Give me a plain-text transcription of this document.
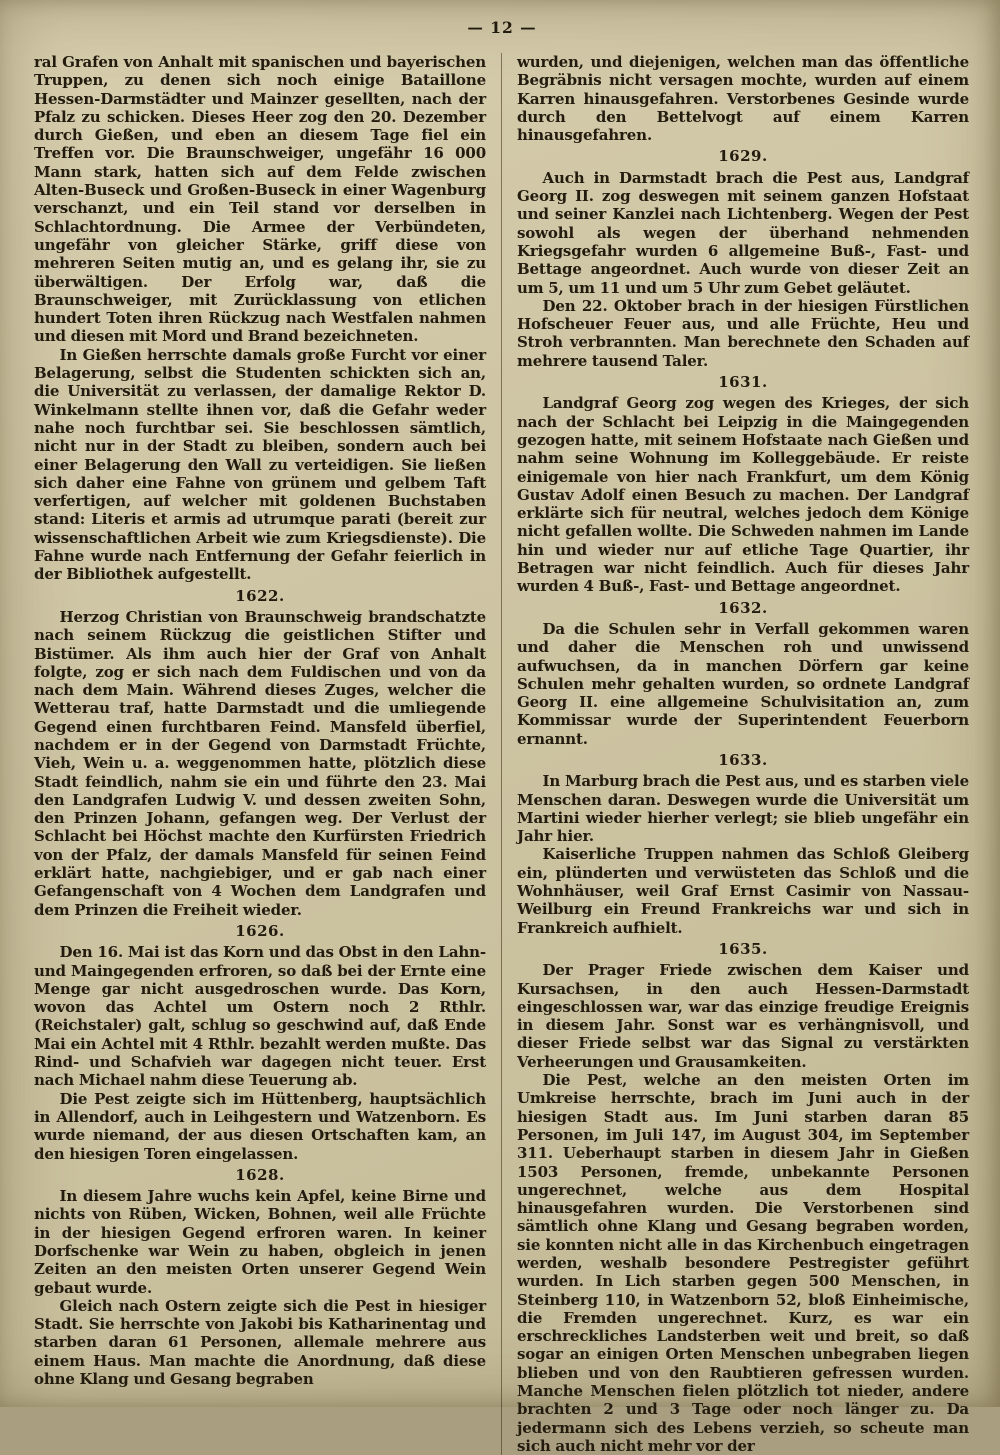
— 12 —

ral Grafen von Anhalt mit spanischen und bayerischen Truppen, zu denen sich noch einige Bataillone Hessen-Darmstädter und Mainzer gesellten, nach der Pfalz zu schicken. Dieses Heer zog den 20. Dezember durch Gießen, und eben an diesem Tage fiel ein Treffen vor. Die Braunschweiger, ungefähr 16 000 Mann stark, hatten sich auf dem Felde zwischen Alten-Buseck und Großen-Buseck in einer Wagenburg verschanzt, und ein Teil stand vor derselben in Schlachtordnung. Die Armee der Verbündeten, ungefähr von gleicher Stärke, griff diese von mehreren Seiten mutig an, und es gelang ihr, sie zu überwältigen. Der Erfolg war, daß die Braunschweiger, mit Zurücklassung von etlichen hundert Toten ihren Rückzug nach Westfalen nahmen und diesen mit Mord und Brand bezeichneten.

In Gießen herrschte damals große Furcht vor einer Belagerung, selbst die Studenten schickten sich an, die Universität zu verlassen, der damalige Rektor D. Winkelmann stellte ihnen vor, daß die Gefahr weder nahe noch furchtbar sei. Sie beschlossen sämtlich, nicht nur in der Stadt zu bleiben, sondern auch bei einer Belagerung den Wall zu verteidigen. Sie ließen sich daher eine Fahne von grünem und gelbem Taft verfertigen, auf welcher mit goldenen Buchstaben stand: Literis et armis ad utrumque parati (bereit zur wissenschaftlichen Arbeit wie zum Kriegsdienste). Die Fahne wurde nach Entfernung der Gefahr feierlich in der Bibliothek aufgestellt.

1622.

Herzog Christian von Braunschweig brandschatzte nach seinem Rückzug die geistlichen Stifter und Bistümer. Als ihm auch hier der Graf von Anhalt folgte, zog er sich nach dem Fuldischen und von da nach dem Main. Während dieses Zuges, welcher die Wetterau traf, hatte Darmstadt und die umliegende Gegend einen furchtbaren Feind. Mansfeld überfiel, nachdem er in der Gegend von Darmstadt Früchte, Vieh, Wein u. a. weggenommen hatte, plötzlich diese Stadt feindlich, nahm sie ein und führte den 23. Mai den Landgrafen Ludwig V. und dessen zweiten Sohn, den Prinzen Johann, gefangen weg. Der Verlust der Schlacht bei Höchst machte den Kurfürsten Friedrich von der Pfalz, der damals Mansfeld für seinen Feind erklärt hatte, nachgiebiger, und er gab nach einer Gefangenschaft von 4 Wochen dem Landgrafen und dem Prinzen die Freiheit wieder.

1626.

Den 16. Mai ist das Korn und das Obst in den Lahn- und Maingegenden erfroren, so daß bei der Ernte eine Menge gar nicht ausgedroschen wurde. Das Korn, wovon das Achtel um Ostern noch 2 Rthlr. (Reichstaler) galt, schlug so geschwind auf, daß Ende Mai ein Achtel mit 4 Rthlr. bezahlt werden mußte. Das Rind- und Schafvieh war dagegen nicht teuer. Erst nach Michael nahm diese Teuerung ab.

Die Pest zeigte sich im Hüttenberg, hauptsächlich in Allendorf, auch in Leihgestern und Watzenborn. Es wurde niemand, der aus diesen Ortschaften kam, an den hiesigen Toren eingelassen.

1628.

In diesem Jahre wuchs kein Apfel, keine Birne und nichts von Rüben, Wicken, Bohnen, weil alle Früchte in der hiesigen Gegend erfroren waren. In keiner Dorfschenke war Wein zu haben, obgleich in jenen Zeiten an den meisten Orten unserer Gegend Wein gebaut wurde.

Gleich nach Ostern zeigte sich die Pest in hiesiger Stadt. Sie herrschte von Jakobi bis Katharinentag und starben daran 61 Personen, allemale mehrere aus einem Haus. Man machte die Anordnung, daß diese ohne Klang und Gesang begraben

wurden, und diejenigen, welchen man das öffentliche Begräbnis nicht versagen mochte, wurden auf einem Karren hinausgefahren. Verstorbenes Gesinde wurde durch den Bettelvogt auf einem Karren hinausgefahren.

1629.

Auch in Darmstadt brach die Pest aus, Landgraf Georg II. zog deswegen mit seinem ganzen Hofstaat und seiner Kanzlei nach Lichtenberg. Wegen der Pest sowohl als wegen der überhand nehmenden Kriegsgefahr wurden 6 allgemeine Buß-, Fast- und Bettage angeordnet. Auch wurde von dieser Zeit an um 5, um 11 und um 5 Uhr zum Gebet geläutet.

Den 22. Oktober brach in der hiesigen Fürstlichen Hofscheuer Feuer aus, und alle Früchte, Heu und Stroh verbrannten. Man berechnete den Schaden auf mehrere tausend Taler.

1631.

Landgraf Georg zog wegen des Krieges, der sich nach der Schlacht bei Leipzig in die Maingegenden gezogen hatte, mit seinem Hofstaate nach Gießen und nahm seine Wohnung im Kolleggebäude. Er reiste einigemale von hier nach Frankfurt, um dem König Gustav Adolf einen Besuch zu machen. Der Landgraf erklärte sich für neutral, welches jedoch dem Könige nicht gefallen wollte. Die Schweden nahmen im Lande hin und wieder nur auf etliche Tage Quartier, ihr Betragen war nicht feindlich. Auch für dieses Jahr wurden 4 Buß-, Fast- und Bettage angeordnet.

1632.

Da die Schulen sehr in Verfall gekommen waren und daher die Menschen roh und unwissend aufwuchsen, da in manchen Dörfern gar keine Schulen mehr gehalten wurden, so ordnete Landgraf Georg II. eine allgemeine Schulvisitation an, zum Kommissar wurde der Superintendent Feuerborn ernannt.

1633.

In Marburg brach die Pest aus, und es starben viele Menschen daran. Deswegen wurde die Universität um Martini wieder hierher verlegt; sie blieb ungefähr ein Jahr hier.

Kaiserliche Truppen nahmen das Schloß Gleiberg ein, plünderten und verwüsteten das Schloß und die Wohnhäuser, weil Graf Ernst Casimir von Nassau-Weilburg ein Freund Frankreichs war und sich in Frankreich aufhielt.

1635.

Der Prager Friede zwischen dem Kaiser und Kursachsen, in den auch Hessen-Darmstadt eingeschlossen war, war das einzige freudige Ereignis in diesem Jahr. Sonst war es verhängnisvoll, und dieser Friede selbst war das Signal zu verstärkten Verheerungen und Grausamkeiten.

Die Pest, welche an den meisten Orten im Umkreise herrschte, brach im Juni auch in der hiesigen Stadt aus. Im Juni starben daran 85 Personen, im Juli 147, im August 304, im September 311. Ueberhaupt starben in diesem Jahr in Gießen 1503 Personen, fremde, unbekannte Personen ungerechnet, welche aus dem Hospital hinausgefahren wurden. Die Verstorbenen sind sämtlich ohne Klang und Gesang begraben worden, sie konnten nicht alle in das Kirchenbuch eingetragen werden, weshalb besondere Pestregister geführt wurden. In Lich starben gegen 500 Menschen, in Steinberg 110, in Watzenborn 52, bloß Einheimische, die Fremden ungerechnet. Kurz, es war ein erschreckliches Landsterben weit und breit, so daß sogar an einigen Orten Menschen unbegraben liegen blieben und von den Raubtieren gefressen wurden. Manche Menschen fielen plötzlich tot nieder, andere brachten 2 und 3 Tage oder noch länger zu. Da jedermann sich des Lebens verzieh, so scheute man sich auch nicht mehr vor der
